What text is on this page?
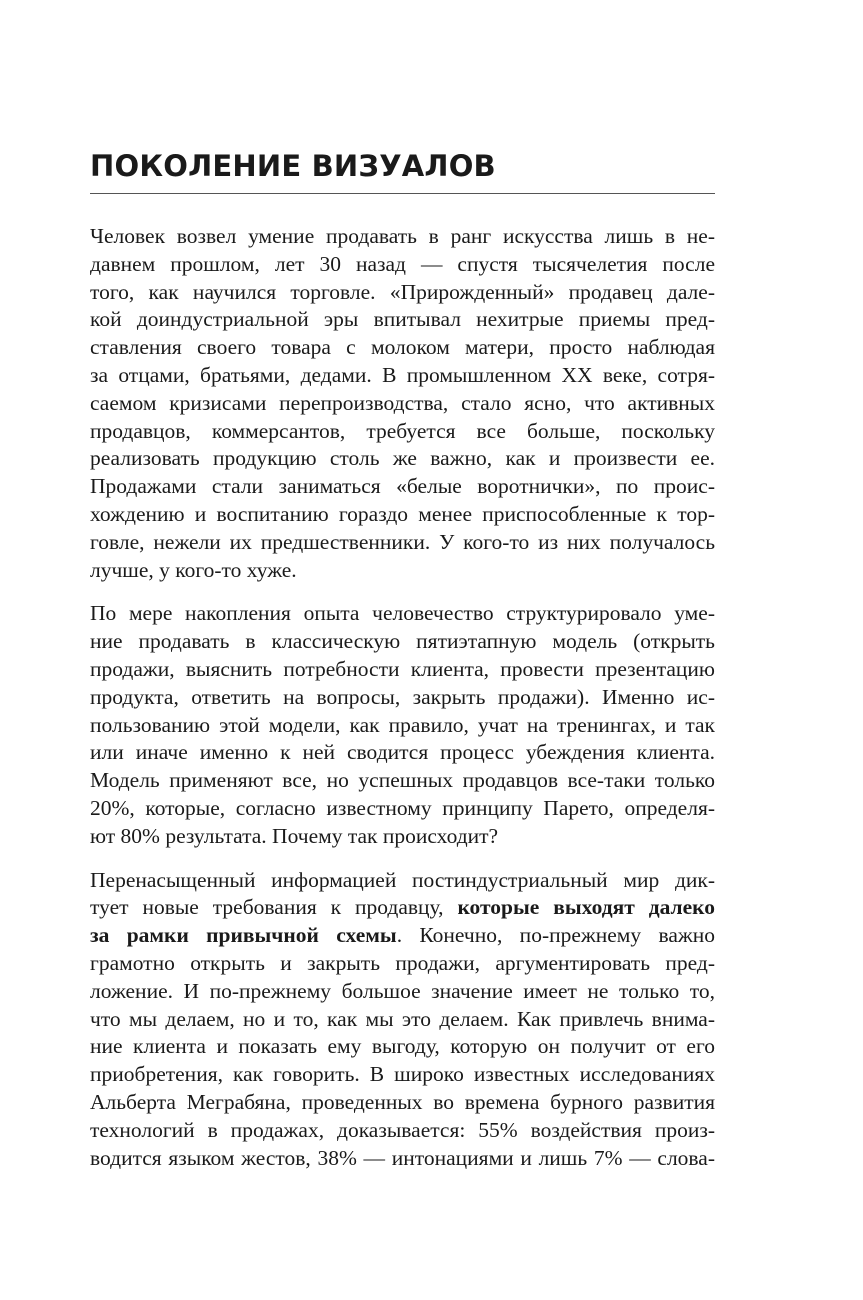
ПОКОЛЕНИЕ ВИЗУАЛОВ
Человек возвел умение продавать в ранг искусства лишь в не-
давнем прошлом, лет 30 назад — спустя тысячелетия после
того, как научился торговле. «Прирожденный» продавец дале-
кой доиндустриальной эры впитывал нехитрые приемы пред-
ставления своего товара с молоком матери, просто наблюдая
за отцами, братьями, дедами. В промышленном XX веке, сотря-
саемом кризисами перепроизводства, стало ясно, что активных
продавцов, коммерсантов, требуется все больше, поскольку
реализовать продукцию столь же важно, как и произвести ее.
Продажами стали заниматься «белые воротнички», по проис-
хождению и воспитанию гораздо менее приспособленные к тор-
говле, нежели их предшественники. У кого-то из них получалось
лучше, у кого-то хуже.
По мере накопления опыта человечество структурировало уме-
ние продавать в классическую пятиэтапную модель (открыть
продажи, выяснить потребности клиента, провести презентацию
продукта, ответить на вопросы, закрыть продажи). Именно ис-
пользованию этой модели, как правило, учат на тренингах, и так
или иначе именно к ней сводится процесс убеждения клиента.
Модель применяют все, но успешных продавцов все-таки только
20%, которые, согласно известному принципу Парето, определя-
ют 80% результата. Почему так происходит?
Перенасыщенный информацией постиндустриальный мир дик-
тует новые требования к продавцу, которые выходят далеко
за рамки привычной схемы. Конечно, по-прежнему важно
грамотно открыть и закрыть продажи, аргументировать пред-
ложение. И по-прежнему большое значение имеет не только то,
что мы делаем, но и то, как мы это делаем. Как привлечь внима-
ние клиента и показать ему выгоду, которую он получит от его
приобретения, как говорить. В широко известных исследованиях
Альберта Меграбяна, проведенных во времена бурного развития
технологий в продажах, доказывается: 55% воздействия произ-
водится языком жестов, 38% — интонациями и лишь 7% — слова-
